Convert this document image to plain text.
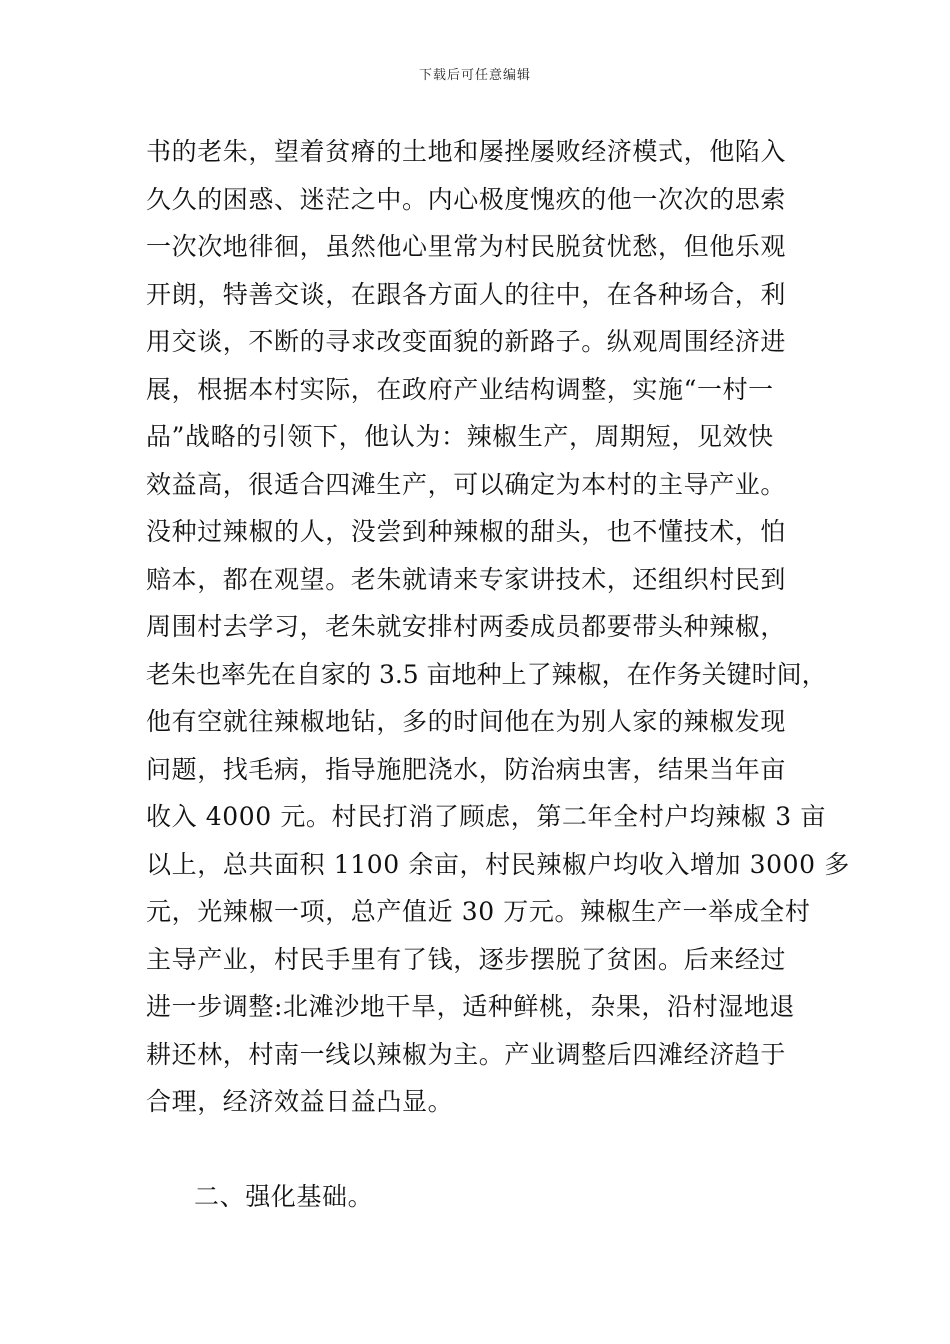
下载后可任意编辑
书的老朱，望着贫瘠的土地和屡挫屡败经济模式，他陷入
久久的困惑、迷茫之中。内心极度愧疚的他一次次的思索
一次次地徘徊，虽然他心里常为村民脱贫忧愁，但他乐观
开朗，特善交谈，在跟各方面人的往中，在各种场合，利
用交谈，不断的寻求改变面貌的新路子。纵观周围经济进
展，根据本村实际，在政府产业结构调整，实施“一村一
品”战略的引领下，他认为：辣椒生产，周期短，见效快
效益高，很适合四滩生产，可以确定为本村的主导产业。
没种过辣椒的人，没尝到种辣椒的甜头，也不懂技术，怕
赔本，都在观望。老朱就请来专家讲技术，还组织村民到
周围村去学习，老朱就安排村两委成员都要带头种辣椒，
老朱也率先在自家的 3.5 亩地种上了辣椒，在作务关键时间，
他有空就往辣椒地钻，多的时间他在为别人家的辣椒发现
问题，找毛病，指导施肥浇水，防治病虫害，结果当年亩
收入 4000 元。村民打消了顾虑，第二年全村户均辣椒 3 亩
以上，总共面积 1100 余亩，村民辣椒户均收入增加 3000 多
元，光辣椒一项，总产值近 30 万元。辣椒生产一举成全村
主导产业，村民手里有了钱，逐步摆脱了贫困。后来经过
进一步调整:北滩沙地干旱，适种鲜桃，杂果，沿村湿地退
耕还林，村南一线以辣椒为主。产业调整后四滩经济趋于
合理，经济效益日益凸显。
二、强化基础。
